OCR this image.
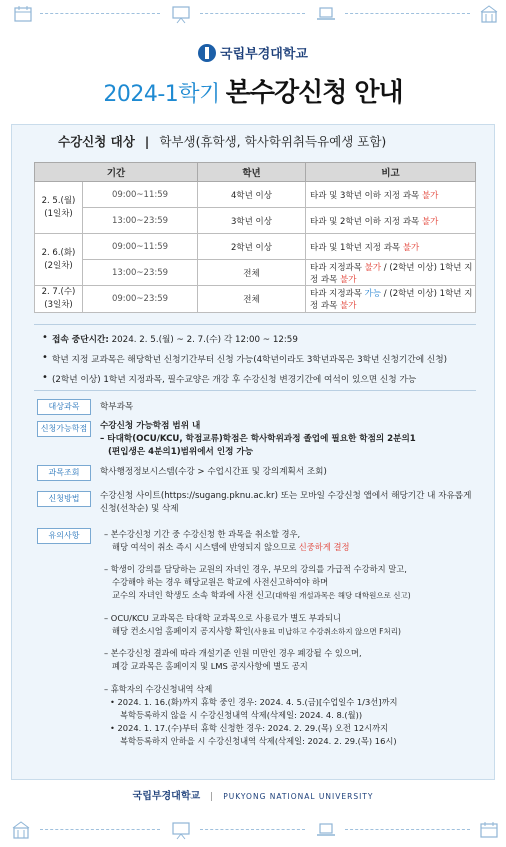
국립부경대학교
2024-1학기 본수강신청 안내
수강신청 대상 | 학부생(휴학생, 학사학위취득유예생 포함)
기간		학년	비고
2. 5.(월)
(1일차)	09:00~11:59	4학년 이상	타과 및 3학년 이하 지정 과목 불가
	13:00~23:59	3학년 이상	타과 및 2학년 이하 지정 과목 불가
2. 6.(화)
(2일차)	09:00~11:59	2학년 이상	타과 및 1학년 지정 과목 불가
	13:00~23:59	전체	타과 지정과목 불가 / (2학년 이상) 1학년 지정 과목 불가
2. 7.(수)
(3일차)	09:00~23:59	전체	타과 지정과목 가능 / (2학년 이상) 1학년 지정 과목 불가
• 접속 중단시간: 2024. 2. 5.(월) ~ 2. 7.(수) 각 12:00 ~ 12:59
• 학년 지정 교과목은 해당학년 신청기간부터 신청 가능(4학년이라도 3학년과목은 3학년 신청기간에 신청)
• (2학년 이상) 1학년 지정과목, 필수교양은 개강 후 수강신청 변경기간에 여석이 있으면 신청 가능
대상과목	학부과목
신청가능학점	수강신청 가능학점 범위 내
– 타대학(OCU/KCU, 학점교류)학점은 학사학위과정 졸업에 필요한 학점의 2분의1
(편입생은 4분의1)범위에서 인정 가능
과목조회	학사행정정보시스템(수강 > 수업시간표 및 강의계획서 조회)
신청방법	수강신청 사이트(https://sugang.pknu.ac.kr) 또는 모바일 수강신청 앱에서 해당기간 내 자유롭게
신청(선착순) 및 삭제
유의사항	– 본수강신청 기간 중 수강신청 한 과목을 취소할 경우,
해당 여석이 취소 즉시 시스템에 반영되지 않으므로 신중하게 결정
– 학생이 강의를 담당하는 교원의 자녀인 경우, 부모의 강의를 가급적 수강하지 말고,
수강해야 하는 경우 해당교원은 학교에 사전신고하여야 하며
교수의 자녀인 학생도 소속 학과에 사전 신고(대학원 개설과목은 해당 대학원으로 신고)
– OCU/KCU 교과목은 타대학 교과목으로 사용료가 별도 부과되니
해당 컨소시엄 홈페이지 공지사항 확인(사용료 미납하고 수강취소하지 않으면 F처리)
– 본수강신청 결과에 따라 개설기준 인원 미만인 경우 폐강될 수 있으며,
폐강 교과목은 홈페이지 및 LMS 공지사항에 별도 공지
– 휴학자의 수강신청내역 삭제
• 2024. 1. 16.(화)까지 휴학 중인 경우: 2024. 4. 5.(금)[수업일수 1/3선]까지
복학등록하지 않을 시 수강신청내역 삭제(삭제일: 2024. 4. 8.(월))
• 2024. 1. 17.(수)부터 휴학 신청한 경우: 2024. 2. 29.(목) 오전 12시까지
복학등록하지 안하을 시 수강신청내역 삭제(삭제일: 2024. 2. 29.(목) 16시)
국립부경대학교 | PUKYONG NATIONAL UNIVERSITY
